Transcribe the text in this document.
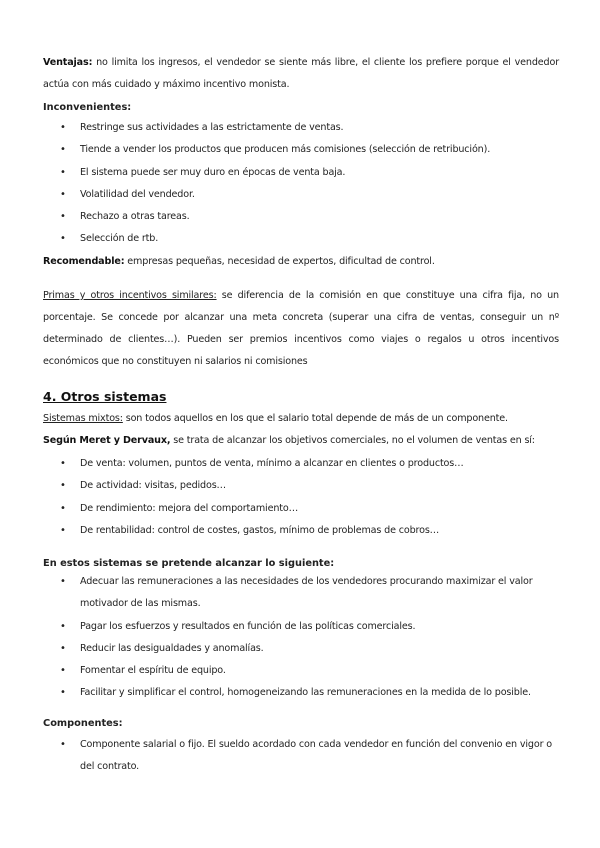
Ventajas: no limita los ingresos, el vendedor se siente más libre, el cliente los prefiere porque el vendedor actúa con más cuidado y máximo incentivo monista.

Inconvenientes:

• Restringe sus actividades a las estrictamente de ventas.
• Tiende a vender los productos que producen más comisiones (selección de retribución).
• El sistema puede ser muy duro en épocas de venta baja.
• Volatilidad del vendedor.
• Rechazo a otras tareas.
• Selección de rtb.

Recomendable: empresas pequeñas, necesidad de expertos, dificultad de control.

Primas y otros incentivos similares: se diferencia de la comisión en que constituye una cifra fija, no un porcentaje. Se concede por alcanzar una meta concreta (superar una cifra de ventas, conseguir un nº determinado de clientes…). Pueden ser premios incentivos como viajes o regalos u otros incentivos económicos que no constituyen ni salarios ni comisiones

4. Otros sistemas

Sistemas mixtos: son todos aquellos en los que el salario total depende de más de un componente.

Según Meret y Dervaux, se trata de alcanzar los objetivos comerciales, no el volumen de ventas en sí:

• De venta: volumen, puntos de venta, mínimo a alcanzar en clientes o productos…
• De actividad: visitas, pedidos…
• De rendimiento: mejora del comportamiento…
• De rentabilidad: control de costes, gastos, mínimo de problemas de cobros…

En estos sistemas se pretende alcanzar lo siguiente:

• Adecuar las remuneraciones a las necesidades de los vendedores procurando maximizar el valor motivador de las mismas.
• Pagar los esfuerzos y resultados en función de las políticas comerciales.
• Reducir las desigualdades y anomalías.
• Fomentar el espíritu de equipo.
• Facilitar y simplificar el control, homogeneizando las remuneraciones en la medida de lo posible.

Componentes:

• Componente salarial o fijo. El sueldo acordado con cada vendedor en función del convenio en vigor o del contrato.
